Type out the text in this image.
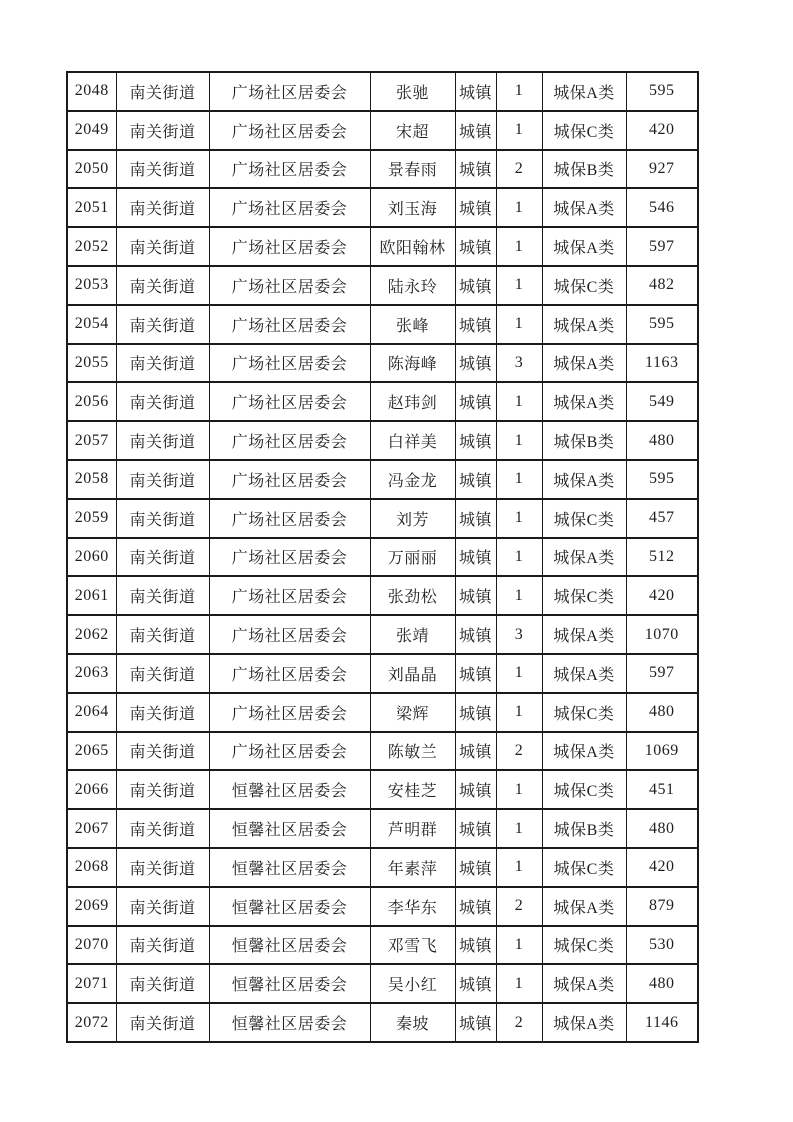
2048	南关街道	广场社区居委会	张驰	城镇	1	城保A类	595
2049	南关街道	广场社区居委会	宋超	城镇	1	城保C类	420
2050	南关街道	广场社区居委会	景春雨	城镇	2	城保B类	927
2051	南关街道	广场社区居委会	刘玉海	城镇	1	城保A类	546
2052	南关街道	广场社区居委会	欧阳翰林	城镇	1	城保A类	597
2053	南关街道	广场社区居委会	陆永玲	城镇	1	城保C类	482
2054	南关街道	广场社区居委会	张峰	城镇	1	城保A类	595
2055	南关街道	广场社区居委会	陈海峰	城镇	3	城保A类	1163
2056	南关街道	广场社区居委会	赵玮剑	城镇	1	城保A类	549
2057	南关街道	广场社区居委会	白祥美	城镇	1	城保B类	480
2058	南关街道	广场社区居委会	冯金龙	城镇	1	城保A类	595
2059	南关街道	广场社区居委会	刘芳	城镇	1	城保C类	457
2060	南关街道	广场社区居委会	万丽丽	城镇	1	城保A类	512
2061	南关街道	广场社区居委会	张劲松	城镇	1	城保C类	420
2062	南关街道	广场社区居委会	张靖	城镇	3	城保A类	1070
2063	南关街道	广场社区居委会	刘晶晶	城镇	1	城保A类	597
2064	南关街道	广场社区居委会	梁辉	城镇	1	城保C类	480
2065	南关街道	广场社区居委会	陈敏兰	城镇	2	城保A类	1069
2066	南关街道	恒馨社区居委会	安桂芝	城镇	1	城保C类	451
2067	南关街道	恒馨社区居委会	芦明群	城镇	1	城保B类	480
2068	南关街道	恒馨社区居委会	年素萍	城镇	1	城保C类	420
2069	南关街道	恒馨社区居委会	李华东	城镇	2	城保A类	879
2070	南关街道	恒馨社区居委会	邓雪飞	城镇	1	城保C类	530
2071	南关街道	恒馨社区居委会	吴小红	城镇	1	城保A类	480
2072	南关街道	恒馨社区居委会	秦坡	城镇	2	城保A类	1146
